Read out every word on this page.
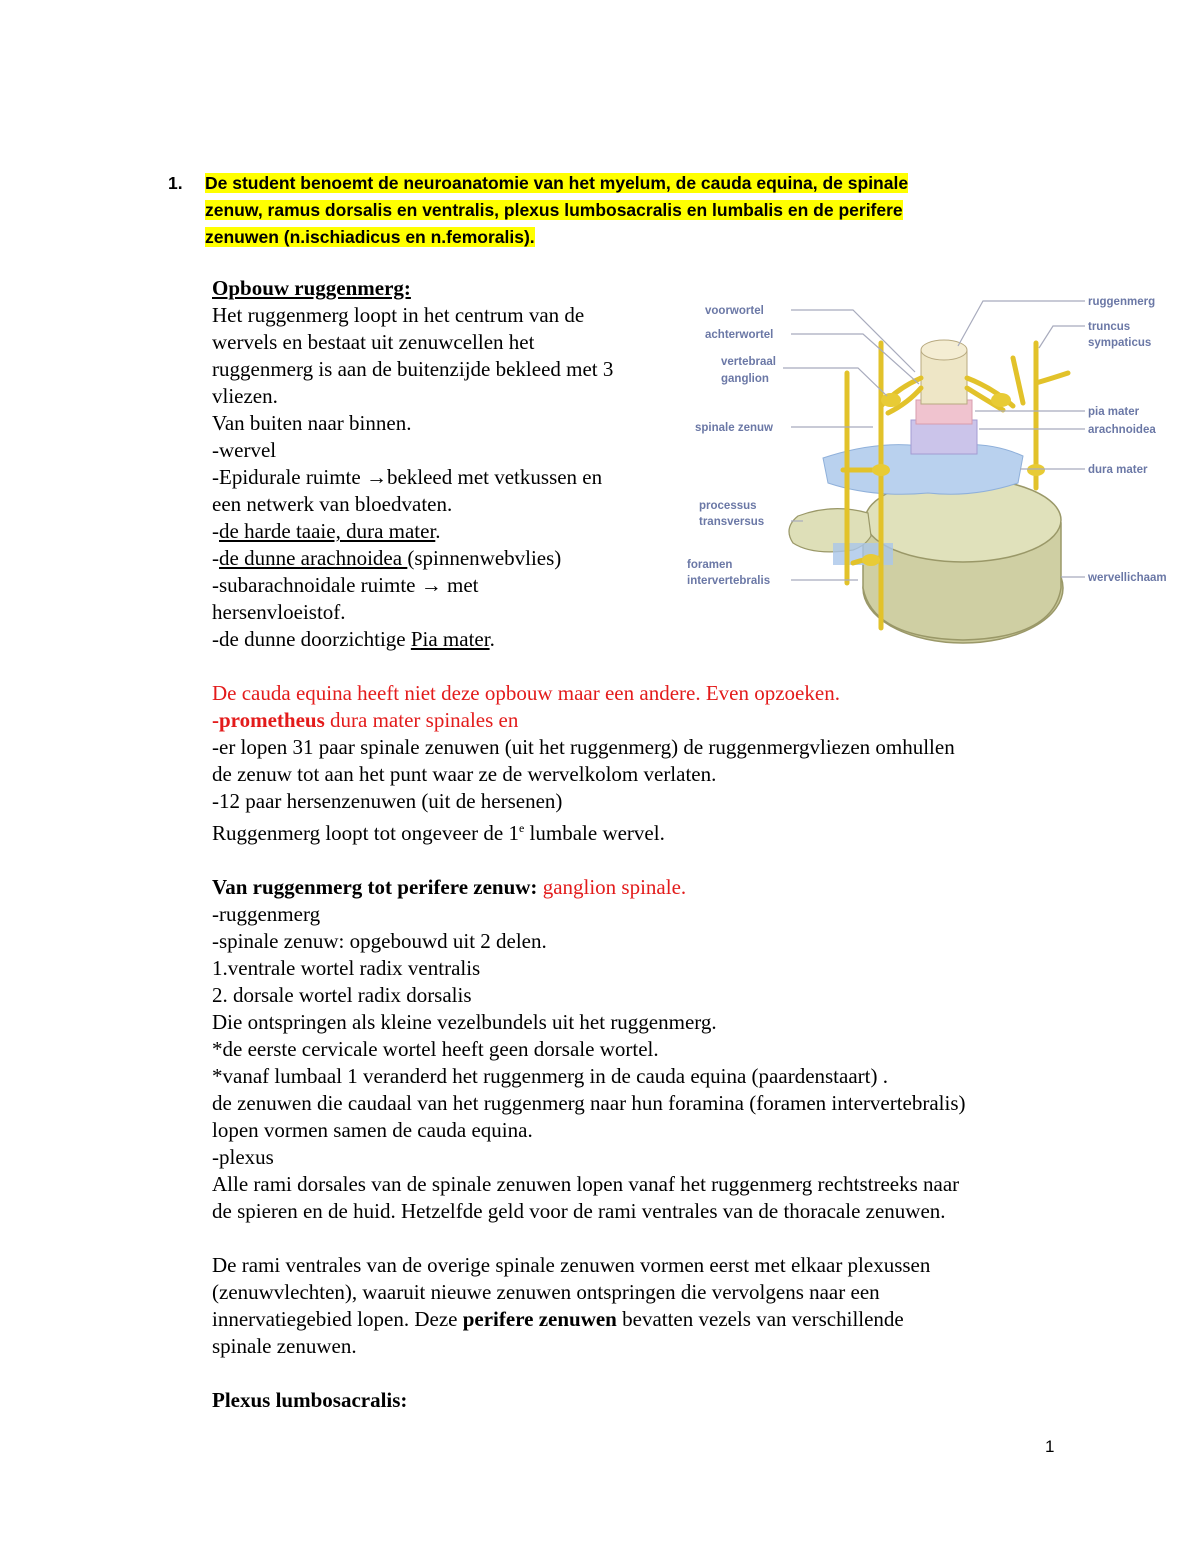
1. De student benoemt de neuroanatomie van het myelum, de cauda equina, de spinale
zenuw, ramus dorsalis en ventralis, plexus lumbosacralis en lumbalis en de perifere
zenuwen (n.ischiadicus en n.femoralis).
Opbouw ruggenmerg:
Het ruggenmerg loopt in het centrum van de
wervels en bestaat uit zenuwcellen het
ruggenmerg is aan de buitenzijde bekleed met 3
vliezen.
Van buiten naar binnen.
-wervel
-Epidurale ruimte →bekleed met vetkussen en
een netwerk van bloedvaten.
-de harde taaie, dura mater.
-de dunne arachnoidea (spinnenwebvlies)
-subarachnoidale ruimte → met
hersenvloeistof.
-de dunne doorzichtige Pia mater.
voorwortel
achterwortel
vertebraal
ganglion
spinale zenuw
processus
transversus
foramen
intervertebralis
ruggenmerg
truncus
sympaticus
pia mater
arachnoidea
dura mater
wervellichaam
De cauda equina heeft niet deze opbouw maar een andere. Even opzoeken.
-prometheus dura mater spinales en
-er lopen 31 paar spinale zenuwen (uit het ruggenmerg) de ruggenmergvliezen omhullen
de zenuw tot aan het punt waar ze de wervelkolom verlaten.
-12 paar hersenzenuwen (uit de hersenen)
Ruggenmerg loopt tot ongeveer de 1e lumbale wervel.
Van ruggenmerg tot perifere zenuw: ganglion spinale.
-ruggenmerg
-spinale zenuw: opgebouwd uit 2 delen.
1.ventrale wortel radix ventralis
2. dorsale wortel radix dorsalis
Die ontspringen als kleine vezelbundels uit het ruggenmerg.
*de eerste cervicale wortel heeft geen dorsale wortel.
*vanaf lumbaal 1 veranderd het ruggenmerg in de cauda equina (paardenstaart) .
de zenuwen die caudaal van het ruggenmerg naar hun foramina (foramen intervertebralis)
lopen vormen samen de cauda equina.
-plexus
Alle rami dorsales van de spinale zenuwen lopen vanaf het ruggenmerg rechtstreeks naar
de spieren en de huid. Hetzelfde geld voor de rami ventrales van de thoracale zenuwen.
De rami ventrales van de overige spinale zenuwen vormen eerst met elkaar plexussen
(zenuwvlechten), waaruit nieuwe zenuwen ontspringen die vervolgens naar een
innervatiegebied lopen. Deze perifere zenuwen bevatten vezels van verschillende
spinale zenuwen.
Plexus lumbosacralis:
1
